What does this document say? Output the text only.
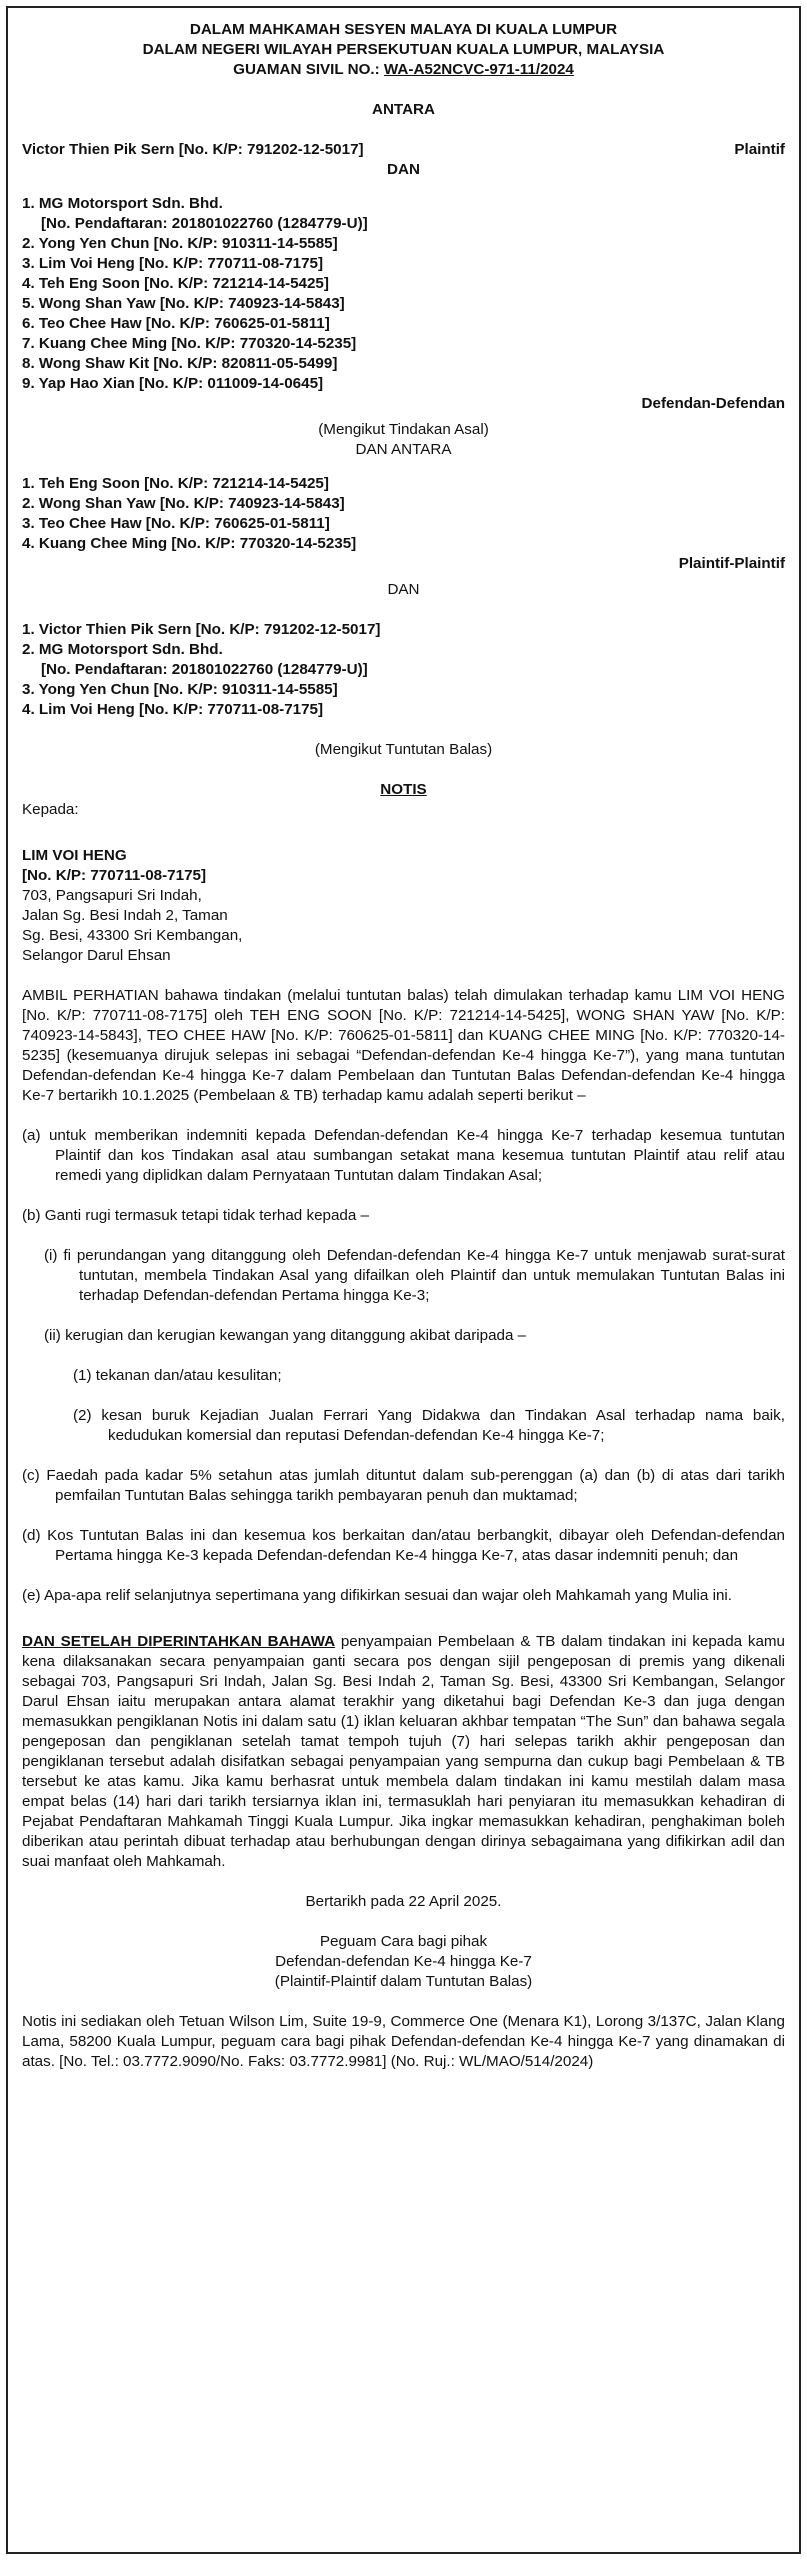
DALAM MAHKAMAH SESYEN MALAYA DI KUALA LUMPUR
DALAM NEGERI WILAYAH PERSEKUTUAN KUALA LUMPUR, MALAYSIA
GUAMAN SIVIL NO.: WA-A52NCVC-971-11/2024
ANTARA
Victor Thien Pik Sern [No. K/P: 791202-12-5017]	Plaintif
DAN
1. MG Motorsport Sdn. Bhd.
[No. Pendaftaran: 201801022760 (1284779-U)]
2. Yong Yen Chun [No. K/P: 910311-14-5585]
3. Lim Voi Heng [No. K/P: 770711-08-7175]
4. Teh Eng Soon [No. K/P: 721214-14-5425]
5. Wong Shan Yaw [No. K/P: 740923-14-5843]
6. Teo Chee Haw [No. K/P: 760625-01-5811]
7. Kuang Chee Ming [No. K/P: 770320-14-5235]
8. Wong Shaw Kit [No. K/P: 820811-05-5499]
9. Yap Hao Xian [No. K/P: 011009-14-0645]
Defendan-Defendan
(Mengikut Tindakan Asal)
DAN ANTARA
1. Teh Eng Soon [No. K/P: 721214-14-5425]
2. Wong Shan Yaw [No. K/P: 740923-14-5843]
3. Teo Chee Haw [No. K/P: 760625-01-5811]
4. Kuang Chee Ming [No. K/P: 770320-14-5235]
Plaintif-Plaintif
DAN
1. Victor Thien Pik Sern [No. K/P: 791202-12-5017]
2. MG Motorsport Sdn. Bhd.
[No. Pendaftaran: 201801022760 (1284779-U)]
3. Yong Yen Chun [No. K/P: 910311-14-5585]
4. Lim Voi Heng [No. K/P: 770711-08-7175]
(Mengikut Tuntutan Balas)
NOTIS
Kepada:
LIM VOI HENG
[No. K/P: 770711-08-7175]
703, Pangsapuri Sri Indah,
Jalan Sg. Besi Indah 2, Taman
Sg. Besi, 43300 Sri Kembangan,
Selangor Darul Ehsan

AMBIL PERHATIAN bahawa tindakan (melalui tuntutan balas) telah dimulakan terhadap kamu LIM VOI HENG [No. K/P: 770711-08-7175] oleh TEH ENG SOON [No. K/P: 721214-14-5425], WONG SHAN YAW [No. K/P: 740923-14-5843], TEO CHEE HAW [No. K/P: 760625-01-5811] dan KUANG CHEE MING [No. K/P: 770320-14-5235] (kesemuanya dirujuk selepas ini sebagai “Defendan-defendan Ke-4 hingga Ke-7”), yang mana tuntutan Defendan-defendan Ke-4 hingga Ke-7 dalam Pembelaan dan Tuntutan Balas Defendan-defendan Ke-4 hingga Ke-7 bertarikh 10.1.2025 (Pembelaan & TB) terhadap kamu adalah seperti berikut –

(a) untuk memberikan indemniti kepada Defendan-defendan Ke-4 hingga Ke-7 terhadap kesemua tuntutan Plaintif dan kos Tindakan asal atau sumbangan setakat mana kesemua tuntutan Plaintif atau relif atau remedi yang diplidkan dalam Pernyataan Tuntutan dalam Tindakan Asal;

(b) Ganti rugi termasuk tetapi tidak terhad kepada –

(i) fi perundangan yang ditanggung oleh Defendan-defendan Ke-4 hingga Ke-7 untuk menjawab surat-surat tuntutan, membela Tindakan Asal yang difailkan oleh Plaintif dan untuk memulakan Tuntutan Balas ini terhadap Defendan-defendan Pertama hingga Ke-3;

(ii) kerugian dan kerugian kewangan yang ditanggung akibat daripada –

(1) tekanan dan/atau kesulitan;

(2) kesan buruk Kejadian Jualan Ferrari Yang Didakwa dan Tindakan Asal terhadap nama baik, kedudukan komersial dan reputasi Defendan-defendan Ke-4 hingga Ke-7;

(c) Faedah pada kadar 5% setahun atas jumlah dituntut dalam sub-perenggan (a) dan (b) di atas dari tarikh pemfailan Tuntutan Balas sehingga tarikh pembayaran penuh dan muktamad;

(d) Kos Tuntutan Balas ini dan kesemua kos berkaitan dan/atau berbangkit, dibayar oleh Defendan-defendan Pertama hingga Ke-3 kepada Defendan-defendan Ke-4 hingga Ke-7, atas dasar indemniti penuh; dan

(e) Apa-apa relif selanjutnya sepertimana yang difikirkan sesuai dan wajar oleh Mahkamah yang Mulia ini.

DAN SETELAH DIPERINTAHKAN BAHAWA penyampaian Pembelaan & TB dalam tindakan ini kepada kamu kena dilaksanakan secara penyampaian ganti secara pos dengan sijil pengeposan di premis yang dikenali sebagai 703, Pangsapuri Sri Indah, Jalan Sg. Besi Indah 2, Taman Sg. Besi, 43300 Sri Kembangan, Selangor Darul Ehsan iaitu merupakan antara alamat terakhir yang diketahui bagi Defendan Ke-3 dan juga dengan memasukkan pengiklanan Notis ini dalam satu (1) iklan keluaran akhbar tempatan “The Sun” dan bahawa segala pengeposan dan pengiklanan setelah tamat tempoh tujuh (7) hari selepas tarikh akhir pengeposan dan pengiklanan tersebut adalah disifatkan sebagai penyampaian yang sempurna dan cukup bagi Pembelaan & TB tersebut ke atas kamu. Jika kamu berhasrat untuk membela dalam tindakan ini kamu mestilah dalam masa empat belas (14) hari dari tarikh tersiarnya iklan ini, termasuklah hari penyiaran itu memasukkan kehadiran di Pejabat Pendaftaran Mahkamah Tinggi Kuala Lumpur. Jika ingkar memasukkan kehadiran, penghakiman boleh diberikan atau perintah dibuat terhadap atau berhubungan dengan dirinya sebagaimana yang difikirkan adil dan suai manfaat oleh Mahkamah.

Bertarikh pada 22 April 2025.
Peguam Cara bagi pihak
Defendan-defendan Ke-4 hingga Ke-7
(Plaintif-Plaintif dalam Tuntutan Balas)

Notis ini sediakan oleh Tetuan Wilson Lim, Suite 19-9, Commerce One (Menara K1), Lorong 3/137C, Jalan Klang Lama, 58200 Kuala Lumpur, peguam cara bagi pihak Defendan-defendan Ke-4 hingga Ke-7 yang dinamakan di atas. [No. Tel.: 03.7772.9090/No. Faks: 03.7772.9981] (No. Ruj.: WL/MAO/514/2024)
